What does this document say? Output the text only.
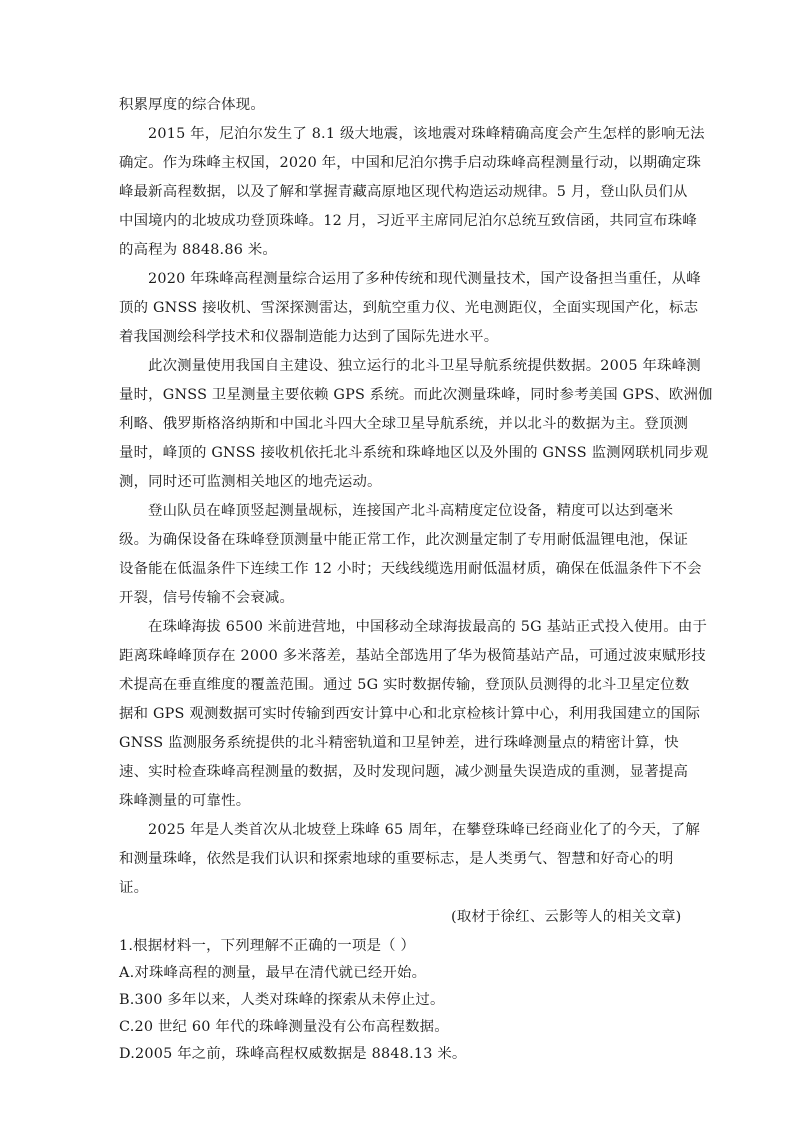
积累厚度的综合体现。
2015 年，尼泊尔发生了 8.1 级大地震，该地震对珠峰精确高度会产生怎样的影响无法
确定。作为珠峰主权国，2020 年，中国和尼泊尔携手启动珠峰高程测量行动，以期确定珠
峰最新高程数据，以及了解和掌握青藏高原地区现代构造运动规律。5 月，登山队员们从
中国境内的北坡成功登顶珠峰。12 月，习近平主席同尼泊尔总统互致信函，共同宣布珠峰
的高程为 8848.86 米。
2020 年珠峰高程测量综合运用了多种传统和现代测量技术，国产设备担当重任，从峰
顶的 GNSS 接收机、雪深探测雷达，到航空重力仪、光电测距仪，全面实现国产化，标志
着我国测绘科学技术和仪器制造能力达到了国际先进水平。
此次测量使用我国自主建设、独立运行的北斗卫星导航系统提供数据。2005 年珠峰测
量时，GNSS 卫星测量主要依赖 GPS 系统。而此次测量珠峰，同时参考美国 GPS、欧洲伽
利略、俄罗斯格洛纳斯和中国北斗四大全球卫星导航系统，并以北斗的数据为主。登顶测
量时，峰顶的 GNSS 接收机依托北斗系统和珠峰地区以及外围的 GNSS 监测网联机同步观
测，同时还可监测相关地区的地壳运动。
登山队员在峰顶竖起测量觇标，连接国产北斗高精度定位设备，精度可以达到毫米
级。为确保设备在珠峰登顶测量中能正常工作，此次测量定制了专用耐低温锂电池，保证
设备能在低温条件下连续工作 12 小时；天线线缆选用耐低温材质，确保在低温条件下不会
开裂，信号传输不会衰减。
在珠峰海拔 6500 米前进营地，中国移动全球海拔最高的 5G 基站正式投入使用。由于
距离珠峰峰顶存在 2000 多米落差，基站全部选用了华为极简基站产品，可通过波束赋形技
术提高在垂直维度的覆盖范围。通过 5G 实时数据传输，登顶队员测得的北斗卫星定位数
据和 GPS 观测数据可实时传输到西安计算中心和北京检核计算中心，利用我国建立的国际
GNSS 监测服务系统提供的北斗精密轨道和卫星钟差，进行珠峰测量点的精密计算，快
速、实时检查珠峰高程测量的数据，及时发现问题，减少测量失误造成的重测，显著提高
珠峰测量的可靠性。
2025 年是人类首次从北坡登上珠峰 65 周年，在攀登珠峰已经商业化了的今天，了解
和测量珠峰，依然是我们认识和探索地球的重要标志，是人类勇气、智慧和好奇心的明
证。
(取材于徐红、云影等人的相关文章)
1.根据材料一，下列理解不正确的一项是（ ）
A.对珠峰高程的测量，最早在清代就已经开始。
B.300 多年以来，人类对珠峰的探索从未停止过。
C.20 世纪 60 年代的珠峰测量没有公布高程数据。
D.2005 年之前，珠峰高程权威数据是 8848.13 米。
